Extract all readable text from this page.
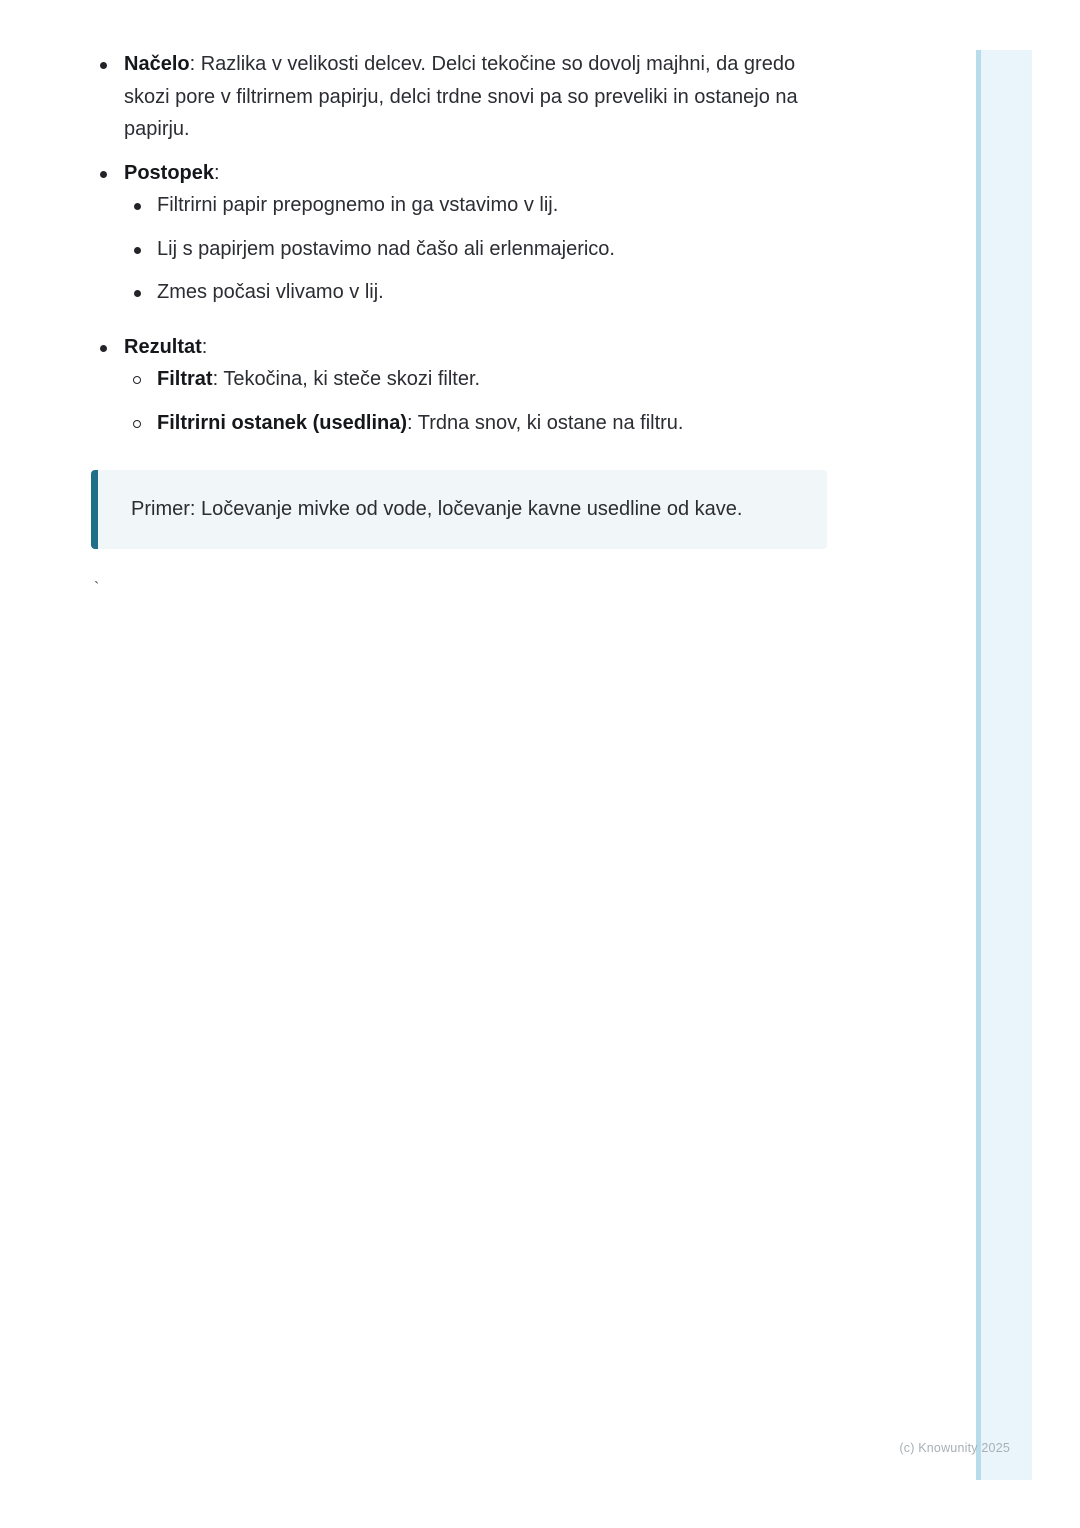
Načelo: Razlika v velikosti delcev. Delci tekočine so dovolj majhni, da gredo skozi pore v filtrirnem papirju, delci trdne snovi pa so preveliki in ostanejo na papirju.
Postopek:
Filtrirni papir prepognemo in ga vstavimo v lij.
Lij s papirjem postavimo nad čašo ali erlenmajerico.
Zmes počasi vlivamo v lij.
Rezultat:
Filtrat: Tekočina, ki steče skozi filter.
Filtrirni ostanek (usedlina): Trdna snov, ki ostane na filtru.
Primer: Ločevanje mivke od vode, ločevanje kavne usedline od kave.
`
(c) Knowunity 2025
